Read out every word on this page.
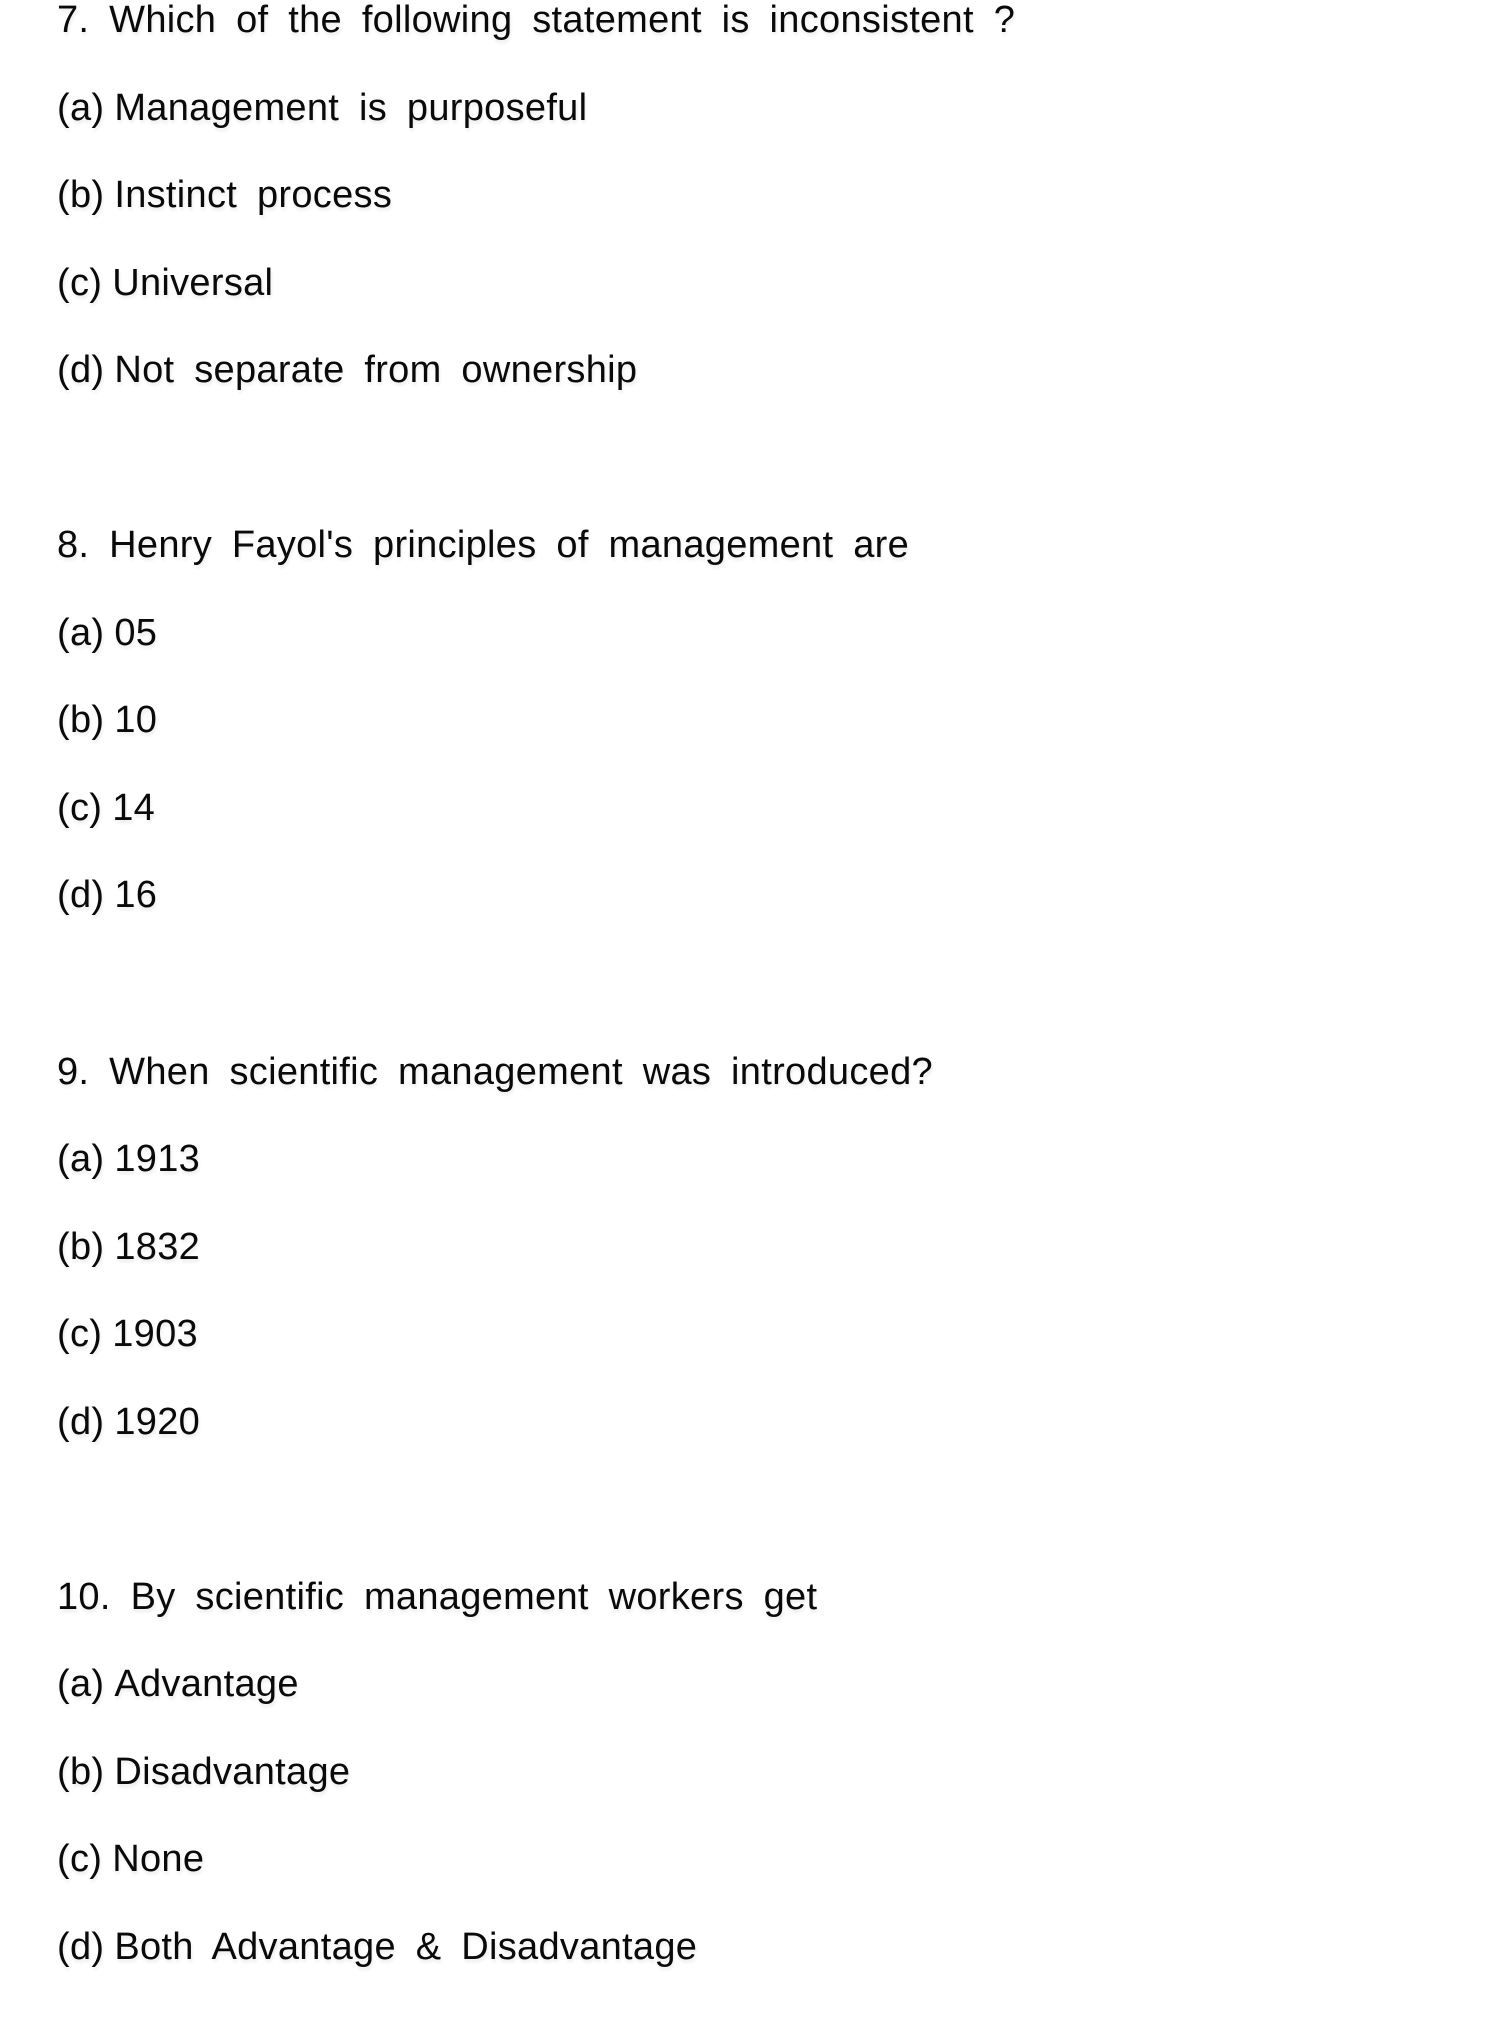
7. Which of the following statement is inconsistent ?
(a) Management is purposeful
(b) Instinct process
(c) Universal
(d) Not separate from ownership
8. Henry Fayol's principles of management are
(a) 05
(b) 10
(c) 14
(d) 16
9. When scientific management was introduced?
(a) 1913
(b) 1832
(c) 1903
(d) 1920
10. By scientific management workers get
(a) Advantage
(b) Disadvantage
(c) None
(d) Both Advantage & Disadvantage
